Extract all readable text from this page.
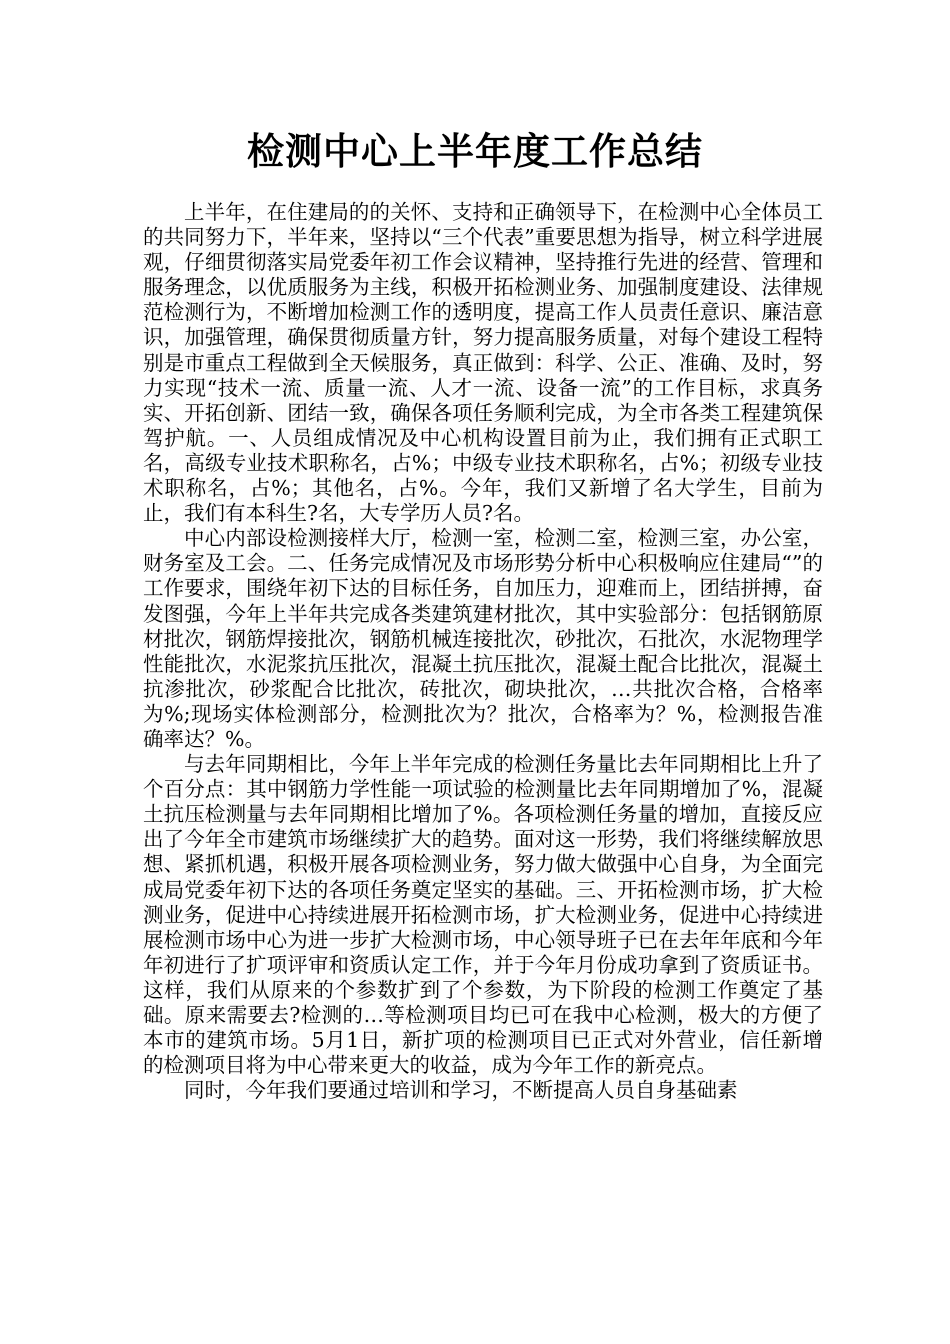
检测中心上半年度工作总结

上半年，在住建局的的关怀、支持和正确领导下，在检测中心全体员工的共同努力下，半年来，坚持以“三个代表”重要思想为指导，树立科学进展观，仔细贯彻落实局党委年初工作会议精神，坚持推行先进的经营、管理和服务理念，以优质服务为主线，积极开拓检测业务、加强制度建设、法律规范检测行为，不断增加检测工作的透明度，提高工作人员责任意识、廉洁意识，加强管理，确保贯彻质量方针，努力提高服务质量，对每个建设工程特别是市重点工程做到全天候服务，真正做到：科学、公正、准确、及时，努力实现“技术一流、质量一流、人才一流、设备一流”的工作目标，求真务实、开拓创新、团结一致，确保各项任务顺利完成，为全市各类工程建筑保驾护航。一、人员组成情况及中心机构设置目前为止，我们拥有正式职工名，高级专业技术职称名，占%；中级专业技术职称名，占%；初级专业技术职称名，占%；其他名，占%。今年，我们又新增了名大学生，目前为止，我们有本科生?名，大专学历人员?名。

中心内部设检测接样大厅，检测一室，检测二室，检测三室，办公室，财务室及工会。二、任务完成情况及市场形势分析中心积极响应住建局“”的工作要求，围绕年初下达的目标任务，自加压力，迎难而上，团结拼搏，奋发图强，今年上半年共完成各类建筑建材批次，其中实验部分：包括钢筋原材批次，钢筋焊接批次，钢筋机械连接批次，砂批次，石批次，水泥物理学性能批次，水泥浆抗压批次，混凝土抗压批次，混凝土配合比批次，混凝土抗渗批次，砂浆配合比批次，砖批次，砌块批次，…共批次合格，合格率为%;现场实体检测部分，检测批次为？批次，合格率为？%，检测报告准确率达？%。

与去年同期相比，今年上半年完成的检测任务量比去年同期相比上升了个百分点：其中钢筋力学性能一项试验的检测量比去年同期增加了%，混凝土抗压检测量与去年同期相比增加了%。各项检测任务量的增加，直接反应出了今年全市建筑市场继续扩大的趋势。面对这一形势，我们将继续解放思想、紧抓机遇，积极开展各项检测业务，努力做大做强中心自身，为全面完成局党委年初下达的各项任务奠定坚实的基础。三、开拓检测市场，扩大检测业务，促进中心持续进展开拓检测市场，扩大检测业务，促进中心持续进展检测市场中心为进一步扩大检测市场，中心领导班子已在去年年底和今年年初进行了扩项评审和资质认定工作，并于今年月份成功拿到了资质证书。这样，我们从原来的个参数扩到了个参数，为下阶段的检测工作奠定了基础。原来需要去?检测的…等检测项目均已可在我中心检测，极大的方便了本市的建筑市场。5月1日，新扩项的检测项目已正式对外营业，信任新增的检测项目将为中心带来更大的收益，成为今年工作的新亮点。

同时，今年我们要通过培训和学习，不断提高人员自身基础素
